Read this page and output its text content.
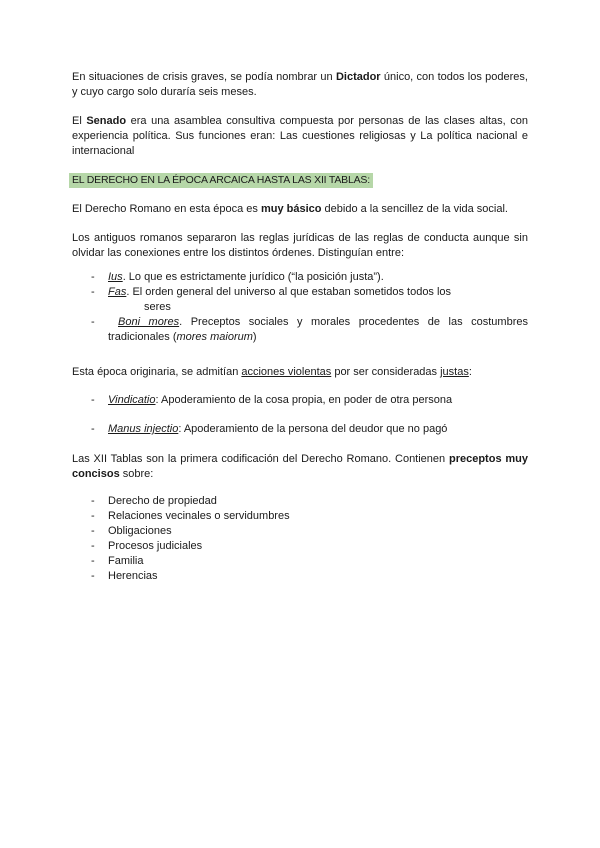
En situaciones de crisis graves, se podía nombrar un Dictador único, con todos los poderes, y cuyo cargo solo duraría seis meses.

El Senado era una asamblea consultiva compuesta por personas de las clases altas, con experiencia política. Sus funciones eran: Las cuestiones religiosas y La política nacional e internacional

EL DERECHO EN LA ÉPOCA ARCAICA HASTA LAS XII TABLAS:

El Derecho Romano en esta época es muy básico debido a la sencillez de la vida social.

Los antiguos romanos separaron las reglas jurídicas de las reglas de conducta aunque sin olvidar las conexiones entre los distintos órdenes. Distinguían entre:

- Ius. Lo que es estrictamente jurídico (“la posición justa”).
- Fas. El orden general del universo al que estaban sometidos todos los
seres
- Boni mores. Preceptos sociales y morales procedentes de las costumbres tradicionales (mores maiorum)

Esta época originaria, se admitían acciones violentas por ser consideradas justas:

- Vindicatio: Apoderamiento de la cosa propia, en poder de otra persona
- Manus injectio: Apoderamiento de la persona del deudor que no pagó

Las XII Tablas son la primera codificación del Derecho Romano. Contienen preceptos muy concisos sobre:

- Derecho de propiedad
- Relaciones vecinales o servidumbres
- Obligaciones
- Procesos judiciales
- Familia
- Herencias
